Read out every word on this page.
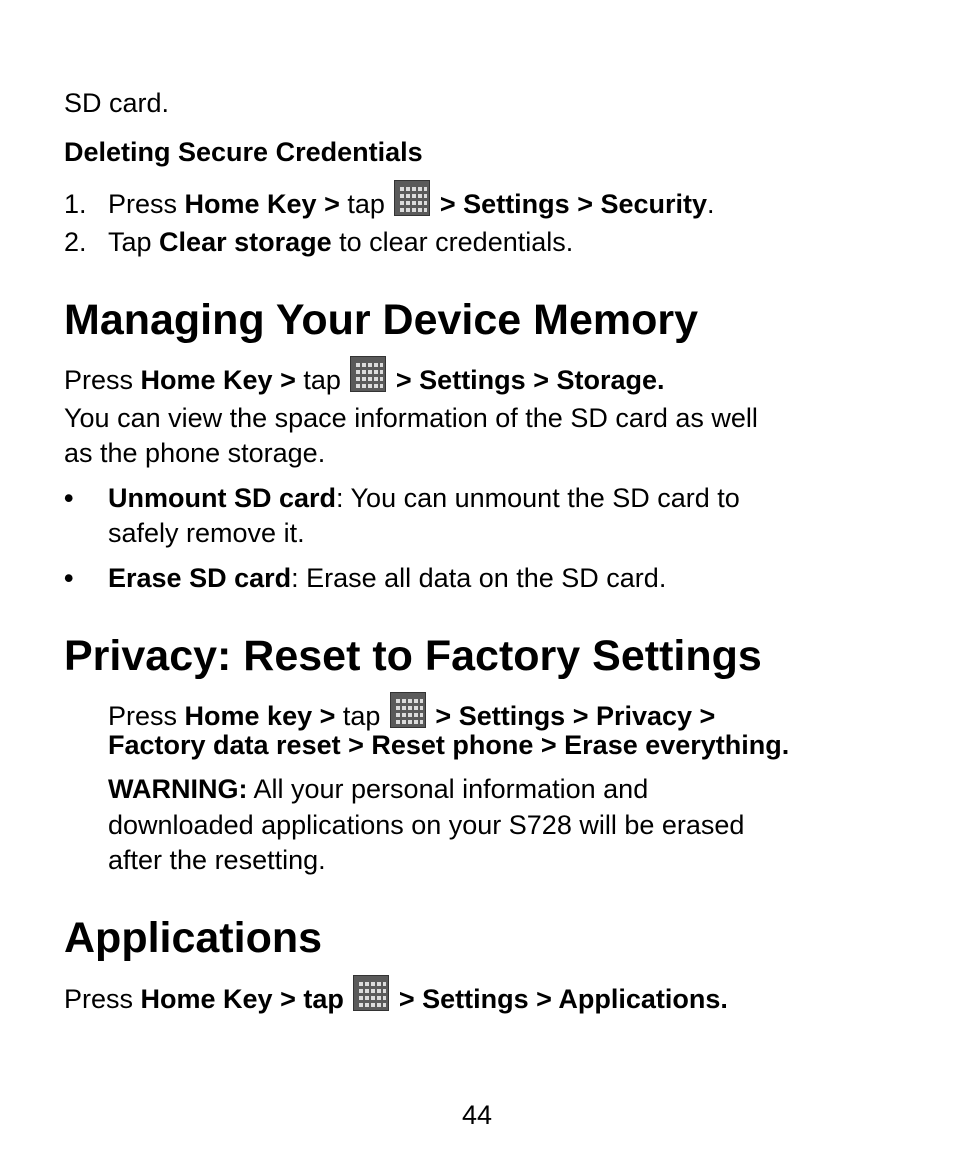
SD card.
Deleting Secure Credentials
1. Press Home Key > tap
> Settings > Security.
2. Tap Clear storage to clear credentials.
Managing Your Device Memory
Press Home Key > tap
> Settings > Storage.
You can view the space information of the SD card as well
as the phone storage.
• Unmount SD card: You can unmount the SD card to
safely remove it.
• Erase SD card: Erase all data on the SD card.
Privacy: Reset to Factory Settings
Press Home key > tap
> Settings > Privacy >
Factory data reset > Reset phone > Erase everything.
WARNING: All your personal information and
downloaded applications on your S728 will be erased
after the resetting.
Applications
Press Home Key > tap
> Settings > Applications.
44
